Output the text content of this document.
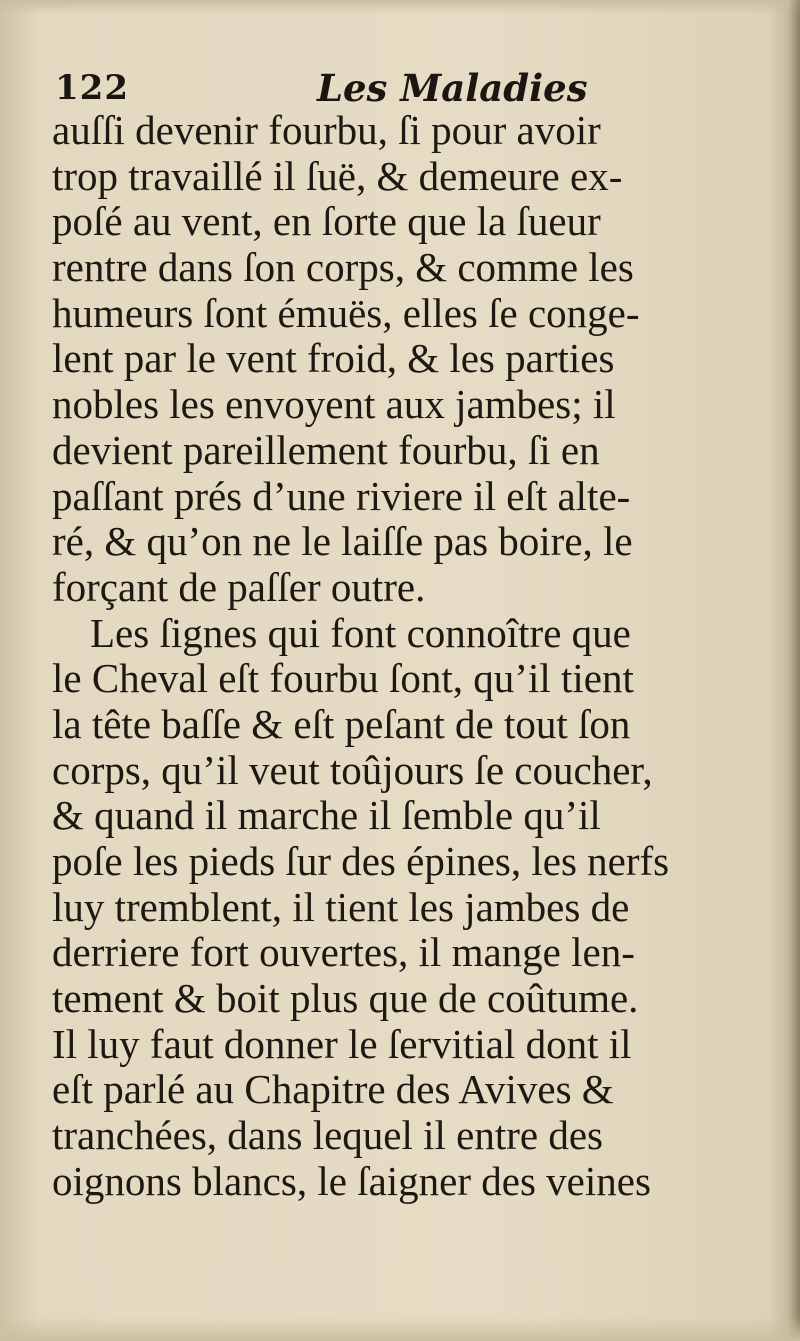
122	Les Maladies
auſſi devenir fourbu, ſi pour avoir
trop travaillé il ſuë, & demeure ex-
poſé au vent, en ſorte que la ſueur
rentre dans ſon corps, & comme les
humeurs ſont émuës, elles ſe conge-
lent par le vent froid, & les parties
nobles les envoyent aux jambes; il
devient pareillement fourbu, ſi en
paſſant prés d’une riviere il eſt alte-
ré, & qu’on ne le laiſſe pas boire, le
forçant de paſſer outre.
Les ſignes qui font connoître que
le Cheval eſt fourbu ſont, qu’il tient
la tête baſſe & eſt peſant de tout ſon
corps, qu’il veut toûjours ſe coucher,
& quand il marche il ſemble qu’il
poſe les pieds ſur des épines, les nerfs
luy tremblent, il tient les jambes de
derriere fort ouvertes, il mange len-
tement & boit plus que de coûtume.
Il luy faut donner le ſervitial dont il
eſt parlé au Chapitre des Avives &
tranchées, dans lequel il entre des
oignons blancs, le ſaigner des veines
